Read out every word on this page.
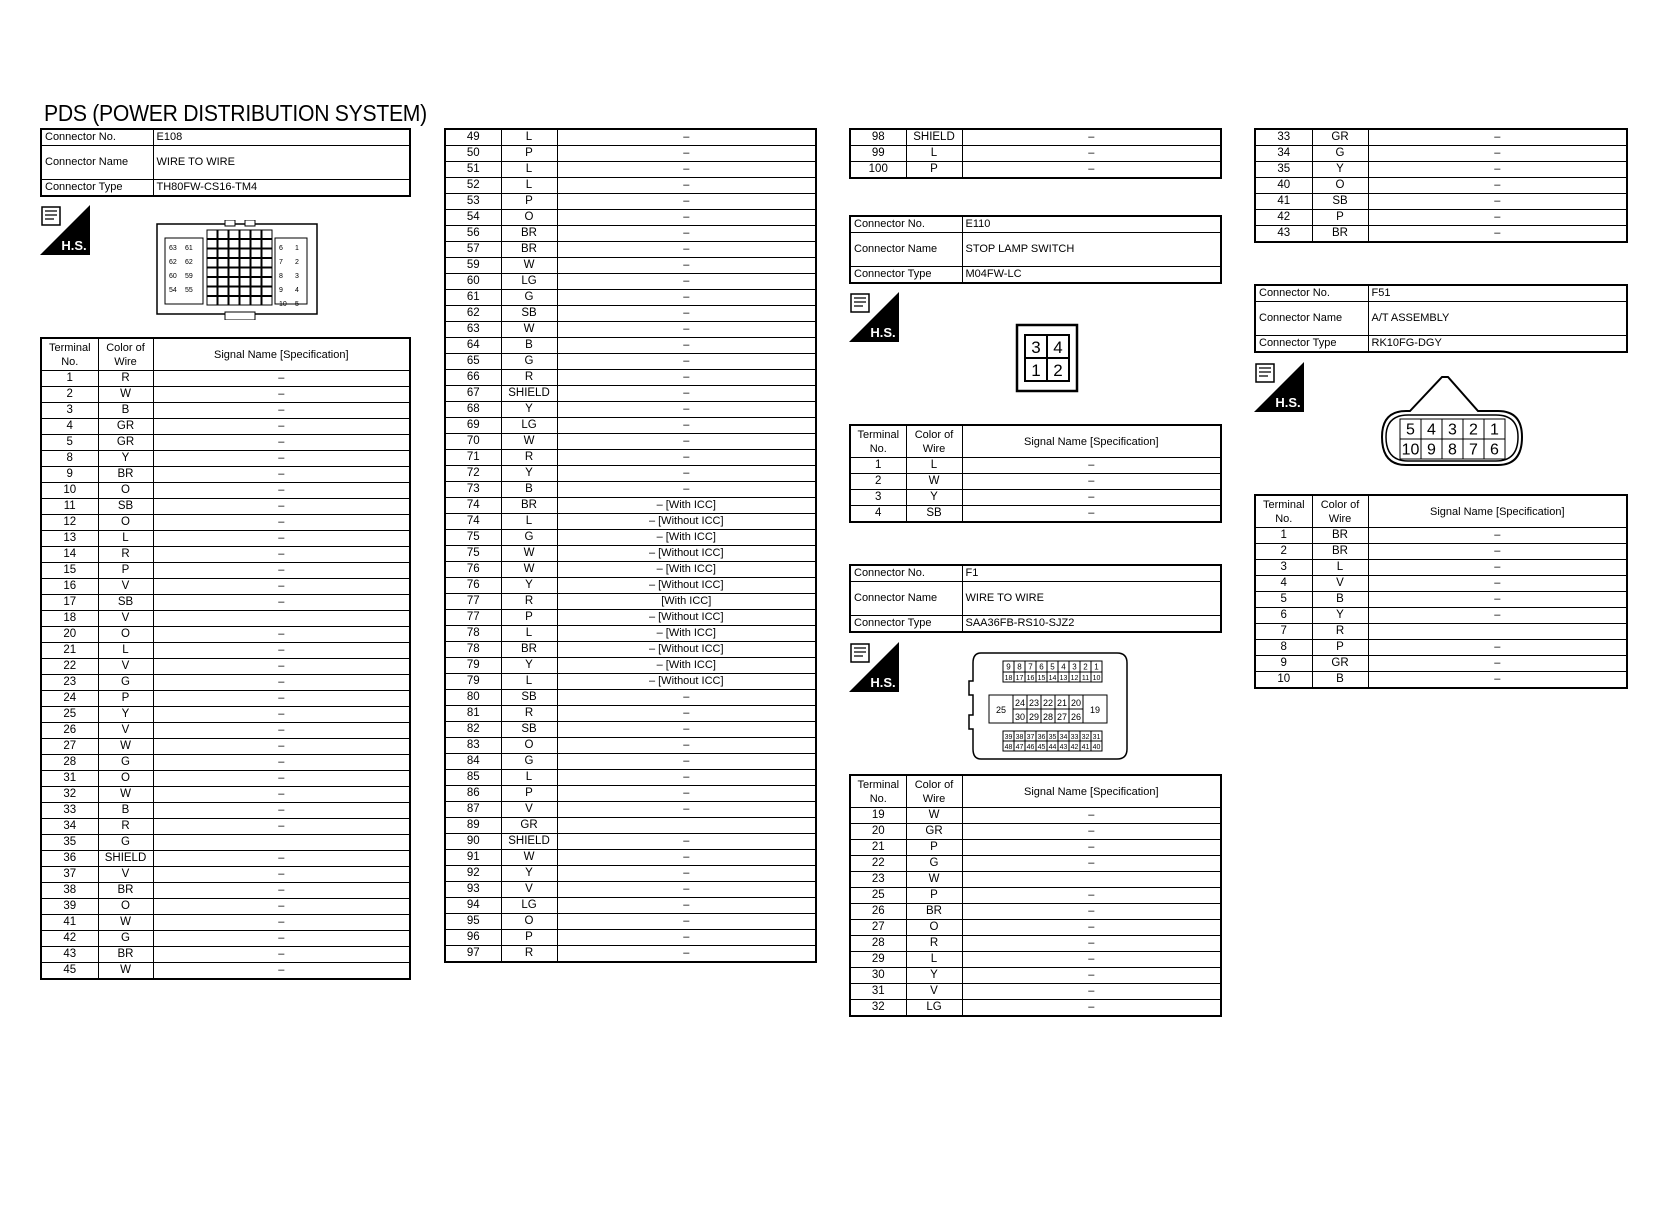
PDS (POWER DISTRIBUTION SYSTEM)
Connector No.	E108
Connector Name	WIRE TO WIRE
Connector Type	TH80FW-CS16-TM4
H.S.	63 61
62 62
60 59
54 55
6 1
7 2
8 3
9 4
10 5
Terminal No.	Color of Wire	Signal Name [Specification]
1	R	–
2	W	–
3	B	–
4	GR	–
5	GR	–
8	Y	–
9	BR	–
10	O	–
11	SB	–
12	O	–
13	L	–
14	R	–
15	P	–
16	V	–
17	SB	–
18	V	
20	O	–
21	L	–
22	V	–
23	G	–
24	P	–
25	Y	–
26	V	–
27	W	–
28	G	–
31	O	–
32	W	–
33	B	–
34	R	–
35	G	
36	SHIELD	–
37	V	–
38	BR	–
39	O	–
41	W	–
42	G	–
43	BR	–
45	W	–
49	L	–
50	P	–
51	L	–
52	L	–
53	P	–
54	O	–
56	BR	–
57	BR	–
59	W	–
60	LG	–
61	G	–
62	SB	–
63	W	–
64	B	–
65	G	–
66	R	–
67	SHIELD	–
68	Y	–
69	LG	–
70	W	–
71	R	–
72	Y	–
73	B	–
74	BR	– [With ICC]
74	L	– [Without ICC]
75	G	– [With ICC]
75	W	– [Without ICC]
76	W	– [With ICC]
76	Y	– [Without ICC]
77	R	[With ICC]
77	P	– [Without ICC]
78	L	– [With ICC]
78	BR	– [Without ICC]
79	Y	– [With ICC]
79	L	– [Without ICC]
80	SB	–
81	R	–
82	SB	–
83	O	–
84	G	–
85	L	–
86	P	–
87	V	–
89	GR	
90	SHIELD	–
91	W	–
92	Y	–
93	V	–
94	LG	–
95	O	–
96	P	–
97	R	–
98	SHIELD	–
99	L	–
100	P	–
Connector No.	E110
Connector Name	STOP LAMP SWITCH
Connector Type	M04FW-LC
H.S.
3 4
1 2
Terminal No.	Color of Wire	Signal Name [Specification]
1	L	–
2	W	–
3	Y	–
4	SB	–
Connector No.	F1
Connector Name	WIRE TO WIRE
Connector Type	SAA36FB-RS10-SJZ2
H.S.
9 8 7 6 5 4 3 2 1
18 17 16 15 14 13 12 11 10
25	19
24 23 22 21 20
30 29 28 27 26
39 38 37 36 35 34 33 32 31
48 47 46 45 44 43 42 41 40
Terminal No.	Color of Wire	Signal Name [Specification]
19	W	–
20	GR	–
21	P	–
22	G	–
23	W	
25	P	–
26	BR	–
27	O	–
28	R	–
29	L	–
30	Y	–
31	V	–
32	LG	–
33	GR	–
34	G	–
35	Y	–
40	O	–
41	SB	–
42	P	–
43	BR	–
Connector No.	F51
Connector Name	A/T ASSEMBLY
Connector Type	RK10FG-DGY
H.S.
5 4 3 2 1
10 9 8 7 6
Terminal No.	Color of Wire	Signal Name [Specification]
1	BR	–
2	BR	–
3	L	–
4	V	–
5	B	–
6	Y	–
7	R	
8	P	–
9	GR	–
10	B	–
